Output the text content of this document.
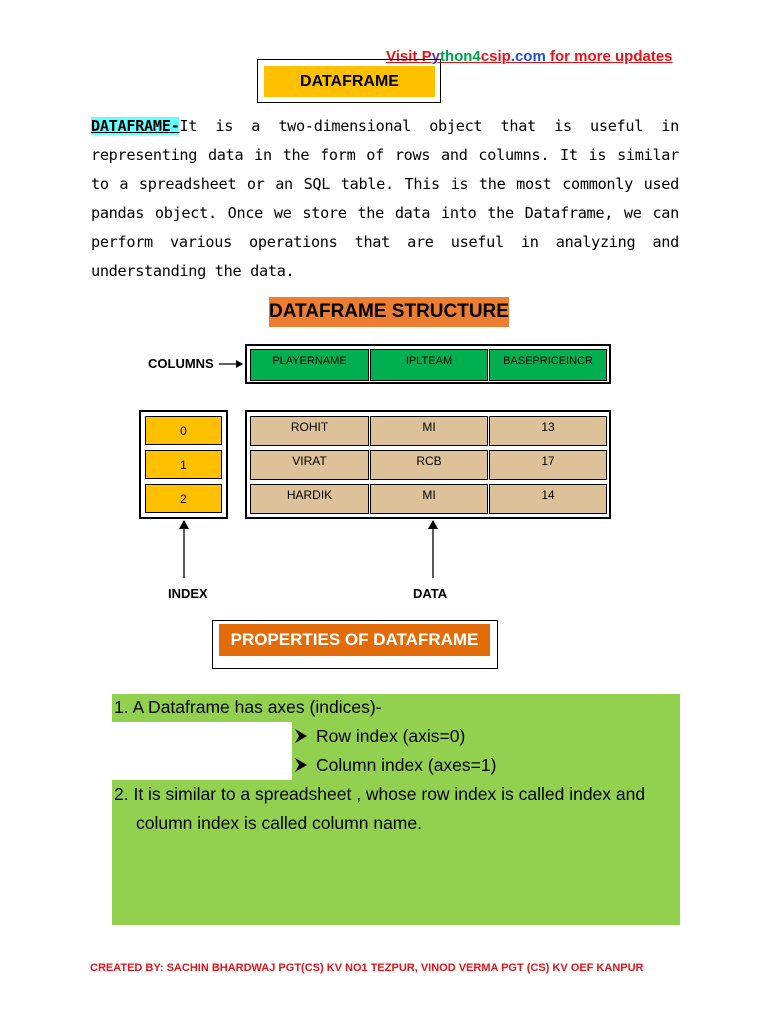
Visit Python4csip.com for more updates
DATAFRAME
DATAFRAME-It is a two-dimensional object that is useful in representing data in the form of rows and columns. It is similar to a spreadsheet or an SQL table. This is the most commonly used pandas object. Once we store the data into the Dataframe, we can perform various operations that are useful in analyzing and understanding the data.
DATAFRAME STRUCTURE
COLUMNS	PLAYERNAME	IPLTEAM	BASEPRICEINCR
0
1
2
ROHIT	MI	13
VIRAT	RCB	17
HARDIK	MI	14
INDEX	DATA
PROPERTIES OF DATAFRAME
1. A Dataframe has axes (indices)-
Row index (axis=0)
Column index (axes=1)
2. It is similar to a spreadsheet , whose row index is called index and
column index is called column name.
CREATED BY: SACHIN BHARDWAJ PGT(CS) KV NO1 TEZPUR, VINOD VERMA PGT (CS) KV OEF KANPUR
